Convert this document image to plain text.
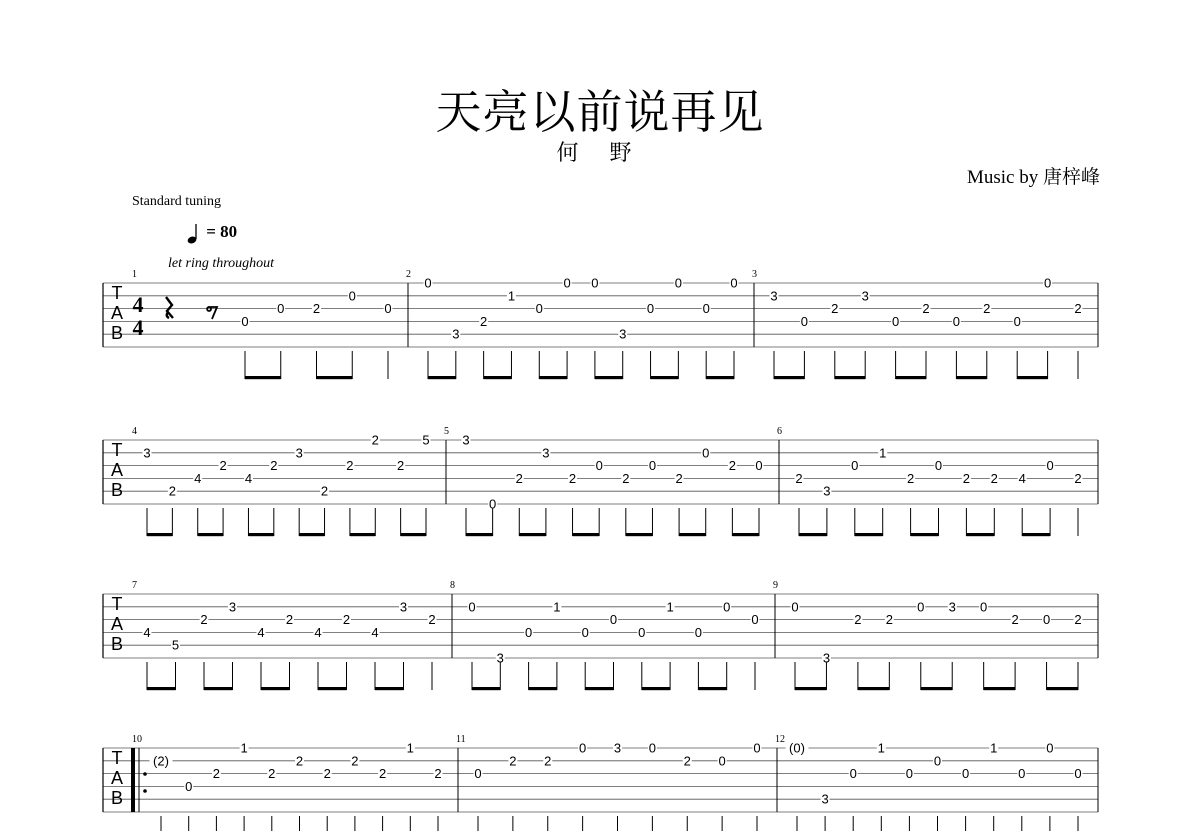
天亮以前说再见
何 野
Music by 唐梓峰
Standard tuning
= 80
let ring throughout
T
A
B
4
4
1
0
0 2
0
0
2
0
3
2
1
0
0 0
3
0
0
0
0
3
3
0
2
3
0
2
0
2
0
0
2
T
A
B
4
3
2
4
2
4
2
3
2
2
2
2
5
5
3
0
2
3
2
0
2
0
2
0
2 0
6
2
3
0
1
2
0
2 2 4
0
2
T
A
B
7
4
5
2
3
4
2
4
2
4
3
2
8
0
3
0
1
0
0
0
1
0
0
0
9
0
3
2 2
0 3 0
2 0 2
T
A
B
10
(2)
0
2
1
2
2
2
2
2
1
2
11
0
2 2
0 3 0
2 0
0
12
(0)
3
0
1
0
0
0
1
0
0
0
